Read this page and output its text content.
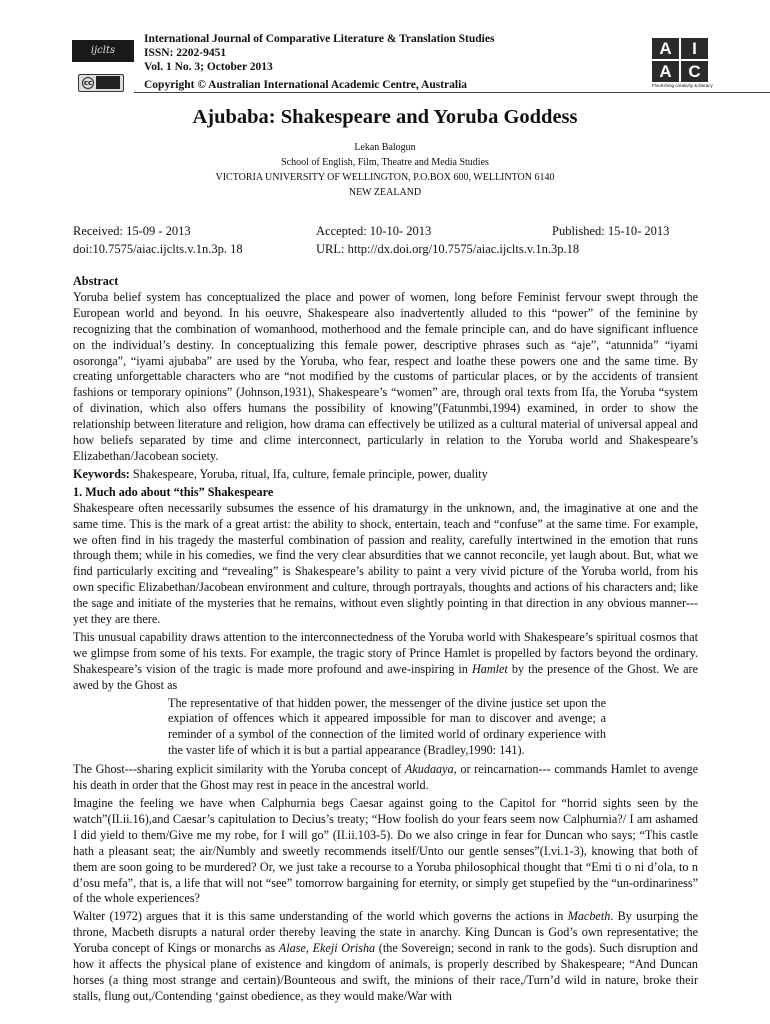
ijclts
cc
International Journal of Comparative Literature & Translation Studies
ISSN: 2202-9451
Vol. 1 No. 3; October 2013
Copyright © Australian International Academic Centre, Australia
A	I
A C
Flourishing creativity & literacy
Ajubaba: Shakespeare and Yoruba Goddess
Lekan Balogun
School of English, Film, Theatre and Media Studies
VICTORIA UNIVERSITY OF WELLINGTON, P.O.BOX 600, WELLINTON 6140
NEW ZEALAND
Received: 15-09 - 2013	Accepted: 10-10- 2013	Published: 15-10- 2013
doi:10.7575/aiac.ijclts.v.1n.3p. 18	URL: http://dx.doi.org/10.7575/aiac.ijclts.v.1n.3p.18
Abstract

Yoruba belief system has conceptualized the place and power of women, long before Feminist fervour swept through the European world and beyond. In his oeuvre, Shakespeare also inadvertently alluded to this “power” of the feminine by recognizing that the combination of womanhood, motherhood and the female principle can, and do have significant influence on the individual’s destiny. In conceptualizing this female power, descriptive phrases such as “aje”, “atunnida” “iyami osoronga”, “iyami ajubaba” are used by the Yoruba, who fear, respect and loathe these powers one and the same time. By creating unforgettable characters who are “not modified by the customs of particular places, or by the accidents of transient fashions or temporary opinions” (Johnson,1931), Shakespeare’s “women” are, through oral texts from Ifa, the Yoruba “system of divination, which also offers humans the possibility of knowing”(Fatunmbi,1994) examined, in order to show the relationship between literature and religion, how drama can effectively be utilized as a cultural material of universal appeal and how beliefs separated by time and clime interconnect, particularly in relation to the Yoruba world and Shakespeare’s Elizabethan/Jacobean society.

Keywords: Shakespeare, Yoruba, ritual, Ifa, culture, female principle, power, duality

1. Much ado about “this” Shakespeare

Shakespeare often necessarily subsumes the essence of his dramaturgy in the unknown, and, the imaginative at one and the same time. This is the mark of a great artist: the ability to shock, entertain, teach and “confuse” at the same time. For example, we often find in his tragedy the masterful combination of passion and reality, carefully intertwined in the emotion that runs through them; while in his comedies, we find the very clear absurdities that we cannot reconcile, yet laugh about. But, what we find particularly exciting and “revealing” is Shakespeare’s ability to paint a very vivid picture of the Yoruba world, from his own specific Elizabethan/Jacobean environment and culture, through portrayals, thoughts and actions of his characters and; like the sage and initiate of the mysteries that he remains, without even slightly pointing in that direction in any obvious manner---yet they are there.

This unusual capability draws attention to the interconnectedness of the Yoruba world with Shakespeare’s spiritual cosmos that we glimpse from some of his texts. For example, the tragic story of Prince Hamlet is propelled by factors beyond the ordinary. Shakespeare’s vision of the tragic is made more profound and awe-inspiring in Hamlet by the presence of the Ghost. We are awed by the Ghost as

The representative of that hidden power, the messenger of the divine justice set upon the expiation of offences which it appeared impossible for man to discover and avenge; a reminder of a symbol of the connection of the limited world of ordinary experience with the vaster life of which it is but a partial appearance (Bradley,1990: 141).

The Ghost---sharing explicit similarity with the Yoruba concept of Akudaaya, or reincarnation--- commands Hamlet to avenge his death in order that the Ghost may rest in peace in the ancestral world.

Imagine the feeling we have when Calphurnia begs Caesar against going to the Capitol for “horrid sights seen by the watch”(II.ii.16),and Caesar’s capitulation to Decius’s treaty; “How foolish do your fears seem now Calphurnia?/ I am ashamed I did yield to them/Give me my robe, for I will go” (II.ii.103-5). Do we also cringe in fear for Duncan who says; “This castle hath a pleasant seat; the air/Numbly and sweetly recommends itself/Unto our gentle senses”(I.vi.1-3), knowing that both of them are soon going to be murdered? Or, we just take a recourse to a Yoruba philosophical thought that “Emi ti o ni d’ola, to n d’osu mefa”, that is, a life that will not “see” tomorrow bargaining for eternity, or simply get stupefied by the “un-ordinariness” of the whole experiences?

Walter (1972) argues that it is this same understanding of the world which governs the actions in Macbeth. By usurping the throne, Macbeth disrupts a natural order thereby leaving the state in anarchy. King Duncan is God’s own representative; the Yoruba concept of Kings or monarchs as Alase, Ekeji Orisha (the Sovereign; second in rank to the gods). Such disruption and how it affects the physical plane of existence and kingdom of animals, is properly described by Shakespeare; “And Duncan horses (a thing most strange and certain)/Bounteous and swift, the minions of their race,/Turn’d wild in nature, broke their stalls, flung out,/Contending ‘gainst obedience, as they would make/War with
